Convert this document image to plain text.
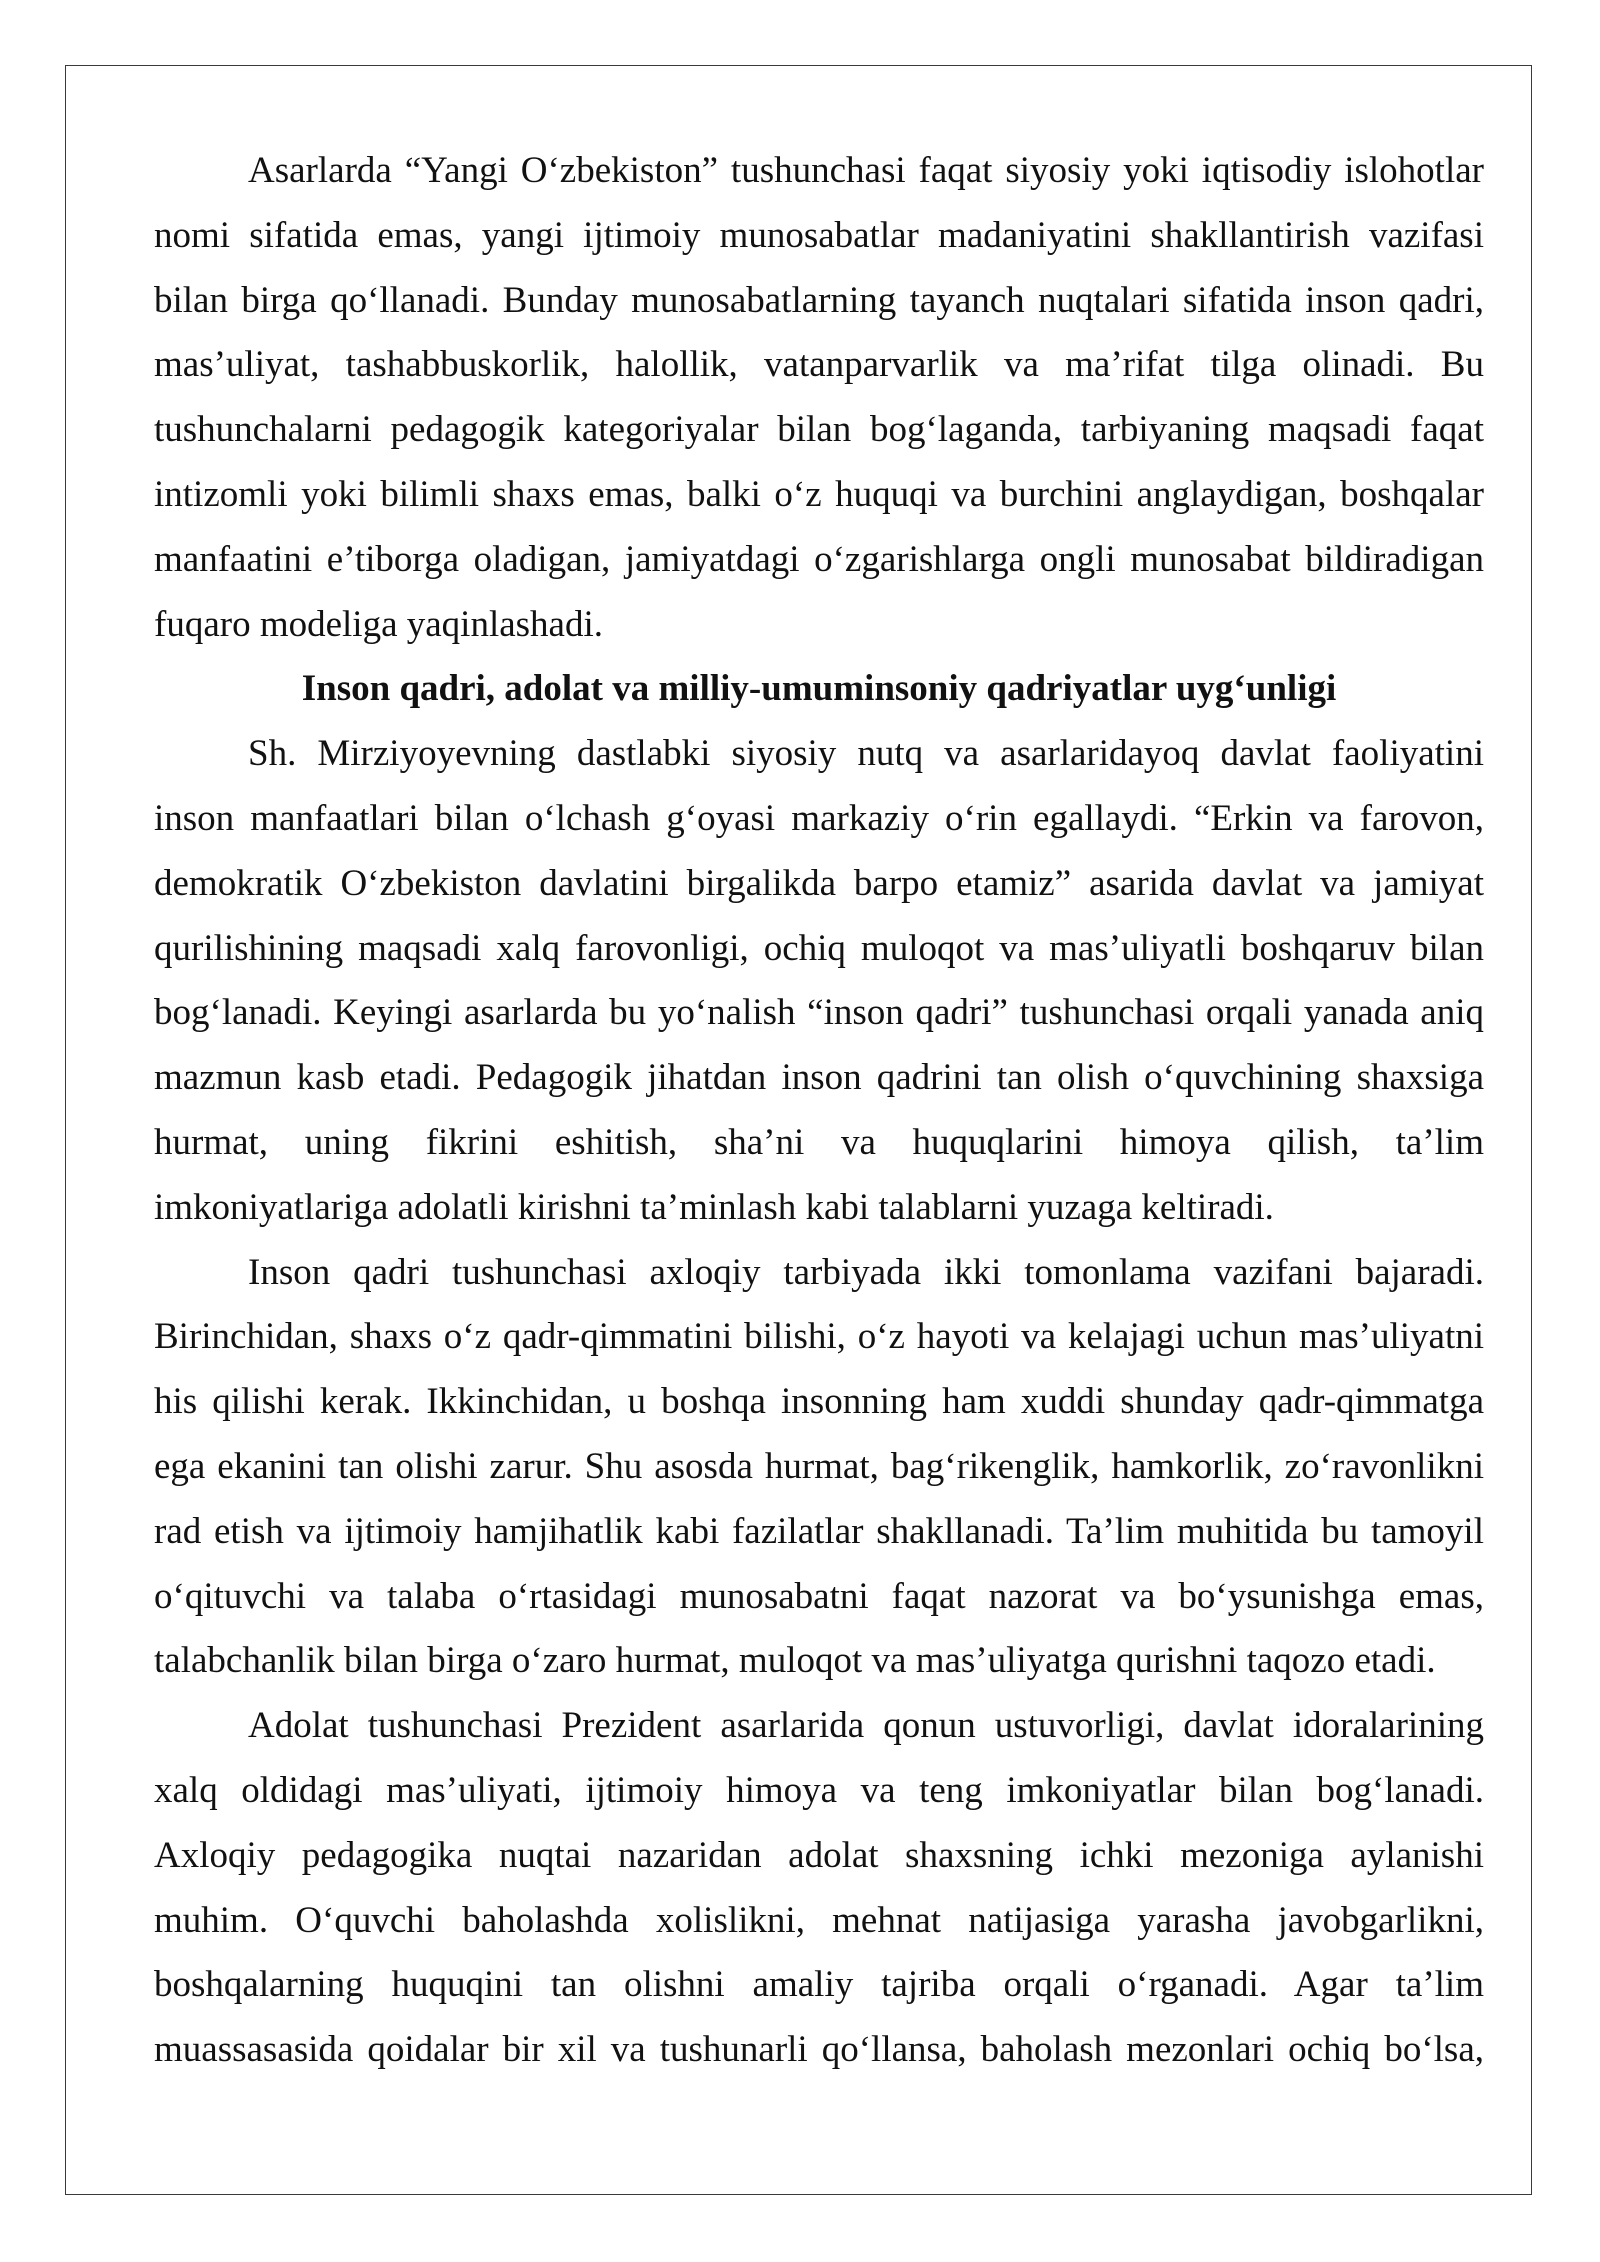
Asarlarda “Yangi O‘zbekiston” tushunchasi faqat siyosiy yoki iqtisodiy islohotlar
nomi sifatida emas, yangi ijtimoiy munosabatlar madaniyatini shakllantirish vazifasi
bilan birga qo‘llanadi. Bunday munosabatlarning tayanch nuqtalari sifatida inson qadri,
mas’uliyat, tashabbuskorlik, halollik, vatanparvarlik va ma’rifat tilga olinadi. Bu
tushunchalarni pedagogik kategoriyalar bilan bog‘laganda, tarbiyaning maqsadi faqat
intizomli yoki bilimli shaxs emas, balki o‘z huquqi va burchini anglaydigan, boshqalar
manfaatini e’tiborga oladigan, jamiyatdagi o‘zgarishlarga ongli munosabat bildiradigan
fuqaro modeliga yaqinlashadi.
Inson qadri, adolat va milliy-umuminsoniy qadriyatlar uyg‘unligi
Sh. Mirziyoyevning dastlabki siyosiy nutq va asarlaridayoq davlat faoliyatini
inson manfaatlari bilan o‘lchash g‘oyasi markaziy o‘rin egallaydi. “Erkin va farovon,
demokratik O‘zbekiston davlatini birgalikda barpo etamiz” asarida davlat va jamiyat
qurilishining maqsadi xalq farovonligi, ochiq muloqot va mas’uliyatli boshqaruv bilan
bog‘lanadi. Keyingi asarlarda bu yo‘nalish “inson qadri” tushunchasi orqali yanada aniq
mazmun kasb etadi. Pedagogik jihatdan inson qadrini tan olish o‘quvchining shaxsiga
hurmat, uning fikrini eshitish, sha’ni va huquqlarini himoya qilish, ta’lim
imkoniyatlariga adolatli kirishni ta’minlash kabi talablarni yuzaga keltiradi.
Inson qadri tushunchasi axloqiy tarbiyada ikki tomonlama vazifani bajaradi.
Birinchidan, shaxs o‘z qadr-qimmatini bilishi, o‘z hayoti va kelajagi uchun mas’uliyatni
his qilishi kerak. Ikkinchidan, u boshqa insonning ham xuddi shunday qadr-qimmatga
ega ekanini tan olishi zarur. Shu asosda hurmat, bag‘rikenglik, hamkorlik, zo‘ravonlikni
rad etish va ijtimoiy hamjihatlik kabi fazilatlar shakllanadi. Ta’lim muhitida bu tamoyil
o‘qituvchi va talaba o‘rtasidagi munosabatni faqat nazorat va bo‘ysunishga emas,
talabchanlik bilan birga o‘zaro hurmat, muloqot va mas’uliyatga qurishni taqozo etadi.
Adolat tushunchasi Prezident asarlarida qonun ustuvorligi, davlat idoralarining
xalq oldidagi mas’uliyati, ijtimoiy himoya va teng imkoniyatlar bilan bog‘lanadi.
Axloqiy pedagogika nuqtai nazaridan adolat shaxsning ichki mezoniga aylanishi
muhim. O‘quvchi baholashda xolislikni, mehnat natijasiga yarasha javobgarlikni,
boshqalarning huquqini tan olishni amaliy tajriba orqali o‘rganadi. Agar ta’lim
muassasasida qoidalar bir xil va tushunarli qo‘llansa, baholash mezonlari ochiq bo‘lsa,
